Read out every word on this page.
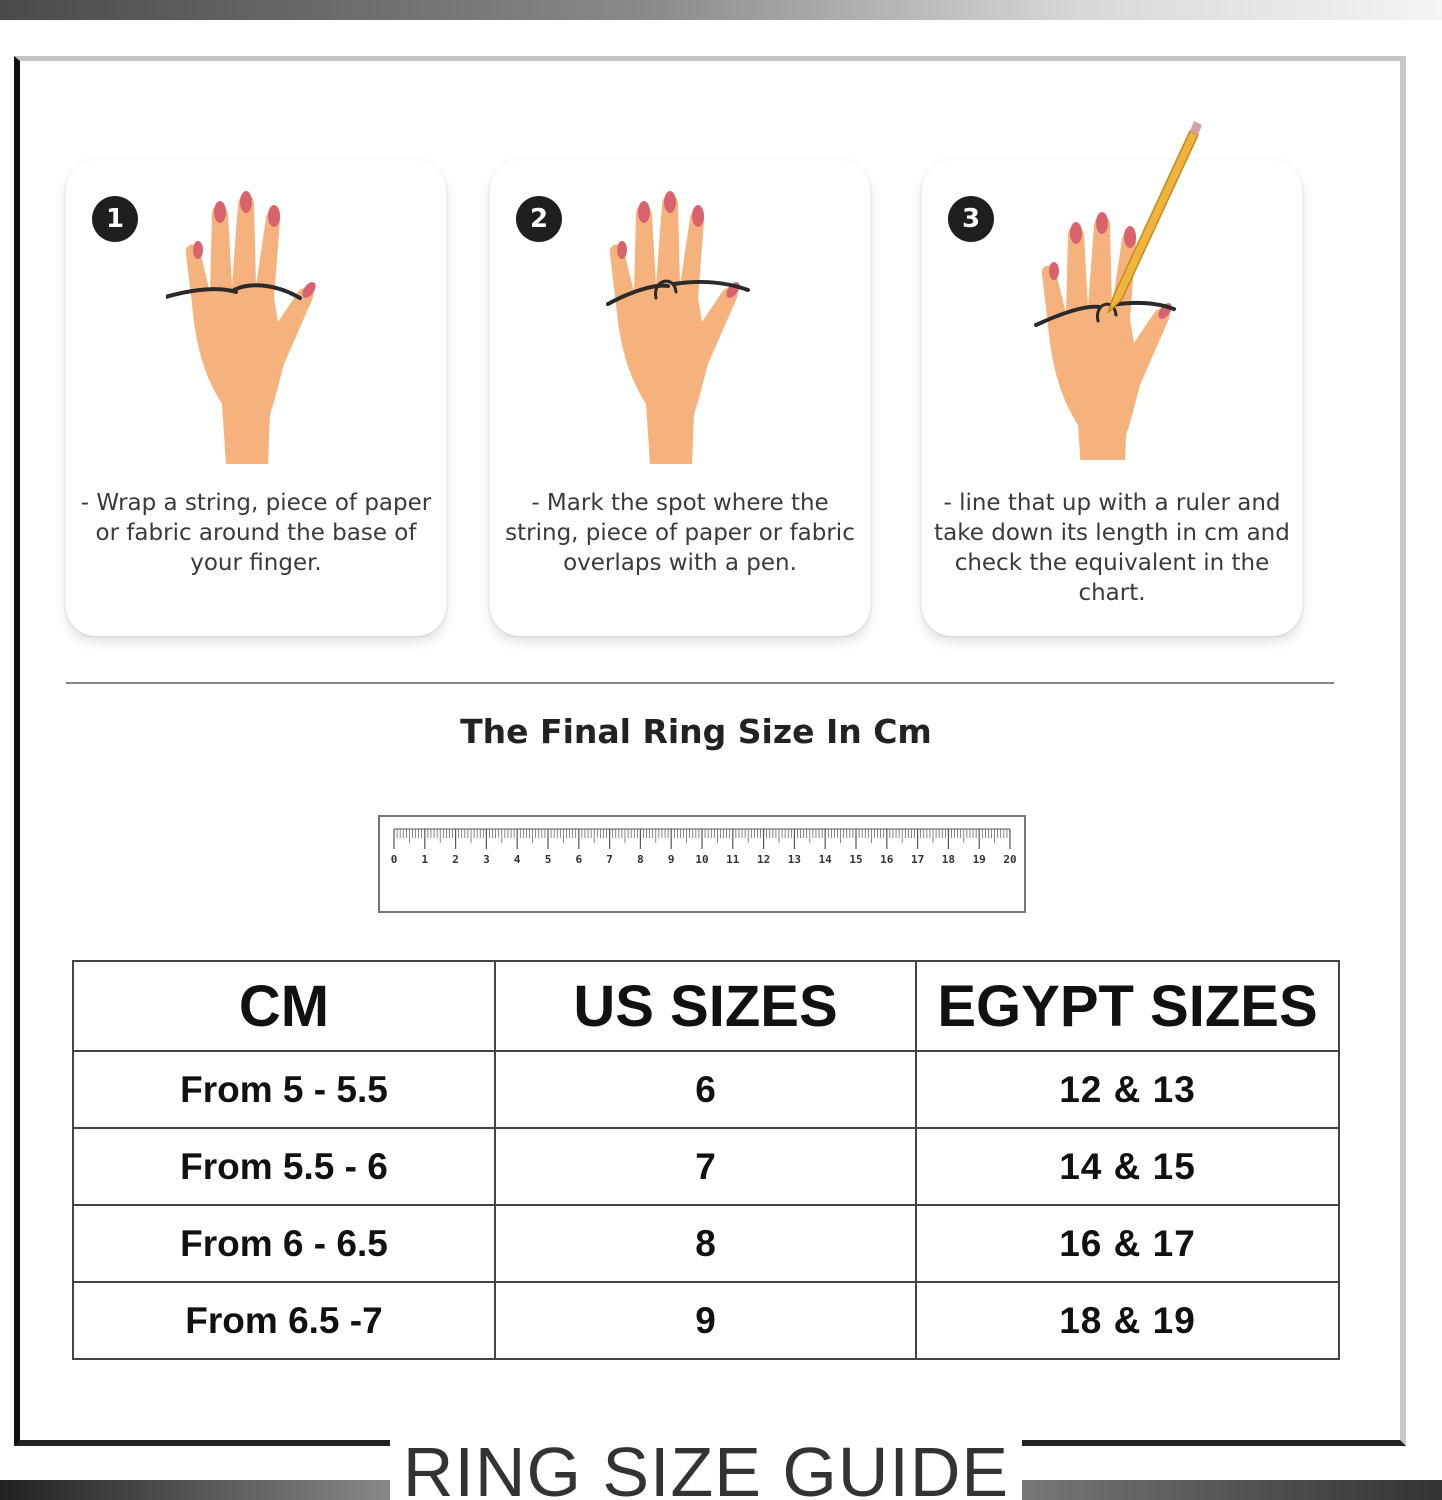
1
- Wrap a string, piece of paper or fabric around the base of your finger.
2
- Mark the spot where the string, piece of paper or fabric overlaps with a pen.
3
- line that up with a ruler and take down its length in cm and check the equivalent in the chart.
The Final Ring Size In Cm
0 1 2 3 4 5 6 7 8 9 10 11 12 13 14 15 16 17 18 19 20
CM	US SIZES	EGYPT SIZES
From 5 - 5.5	6	12 & 13
From 5.5 - 6	7	14 & 15
From 6 - 6.5	8	16 & 17
From 6.5 -7	9	18 & 19
RING SIZE GUIDE
